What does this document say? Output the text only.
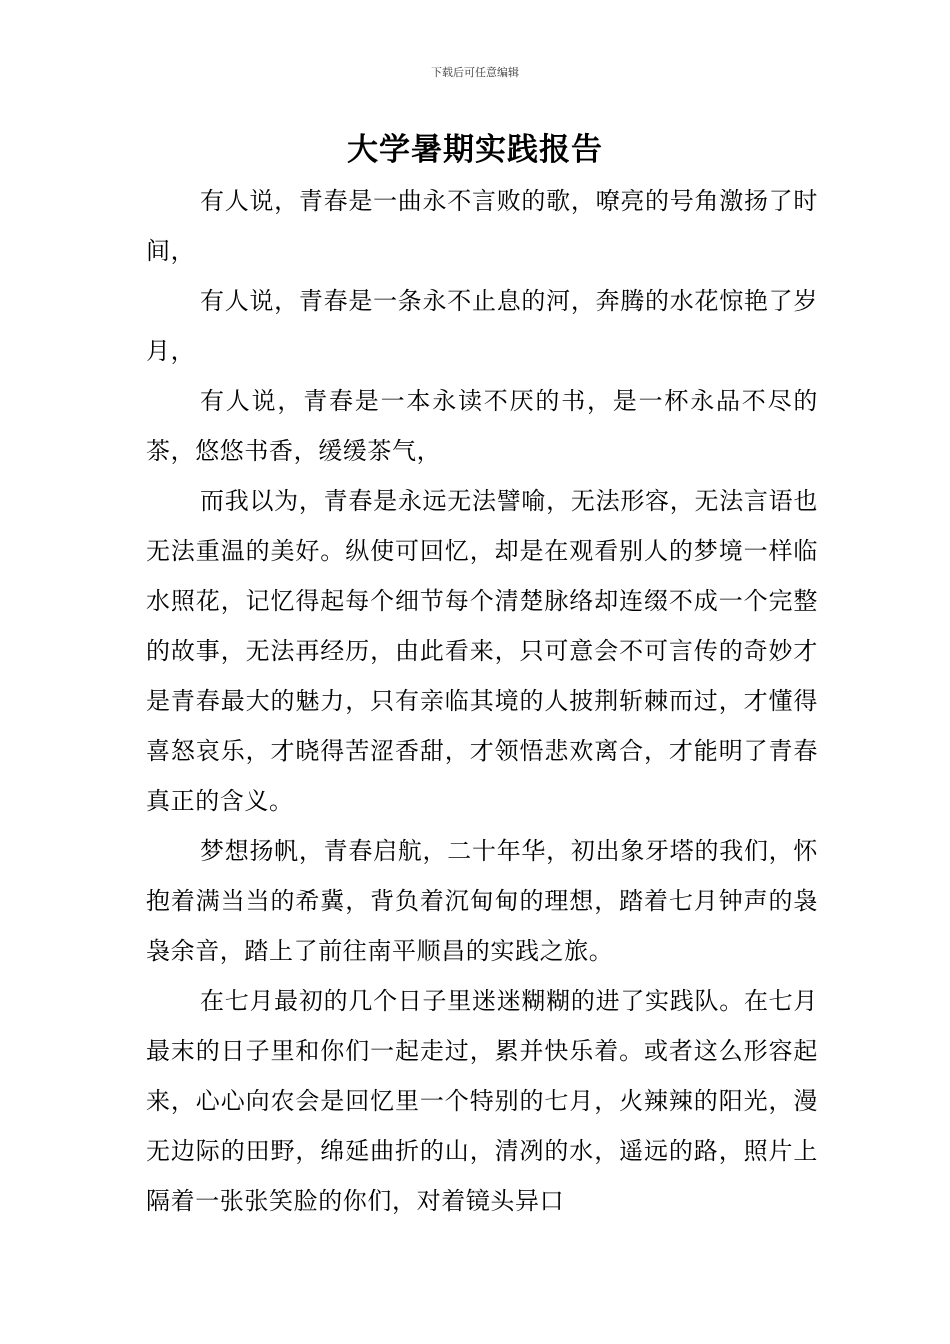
下载后可任意编辑
大学暑期实践报告

有人说，青春是一曲永不言败的歌，嘹亮的号角激扬了时间，

有人说，青春是一条永不止息的河，奔腾的水花惊艳了岁月，

有人说，青春是一本永读不厌的书，是一杯永品不尽的茶，悠悠书香，缓缓茶气，

而我以为，青春是永远无法譬喻，无法形容，无法言语也无法重温的美好。纵使可回忆，却是在观看别人的梦境一样临水照花，记忆得起每个细节每个清楚脉络却连缀不成一个完整的故事，无法再经历，由此看来，只可意会不可言传的奇妙才是青春最大的魅力，只有亲临其境的人披荆斩棘而过，才懂得喜怒哀乐，才晓得苦涩香甜，才领悟悲欢离合，才能明了青春真正的含义。

梦想扬帆，青春启航，二十年华，初出象牙塔的我们，怀抱着满当当的希冀，背负着沉甸甸的理想，踏着七月钟声的袅袅余音，踏上了前往南平顺昌的实践之旅。

在七月最初的几个日子里迷迷糊糊的进了实践队。在七月最末的日子里和你们一起走过，累并快乐着。或者这么形容起来，心心向农会是回忆里一个特别的七月，火辣辣的阳光，漫无边际的田野，绵延曲折的山，清冽的水，遥远的路，照片上隔着一张张笑脸的你们，对着镜头异口
